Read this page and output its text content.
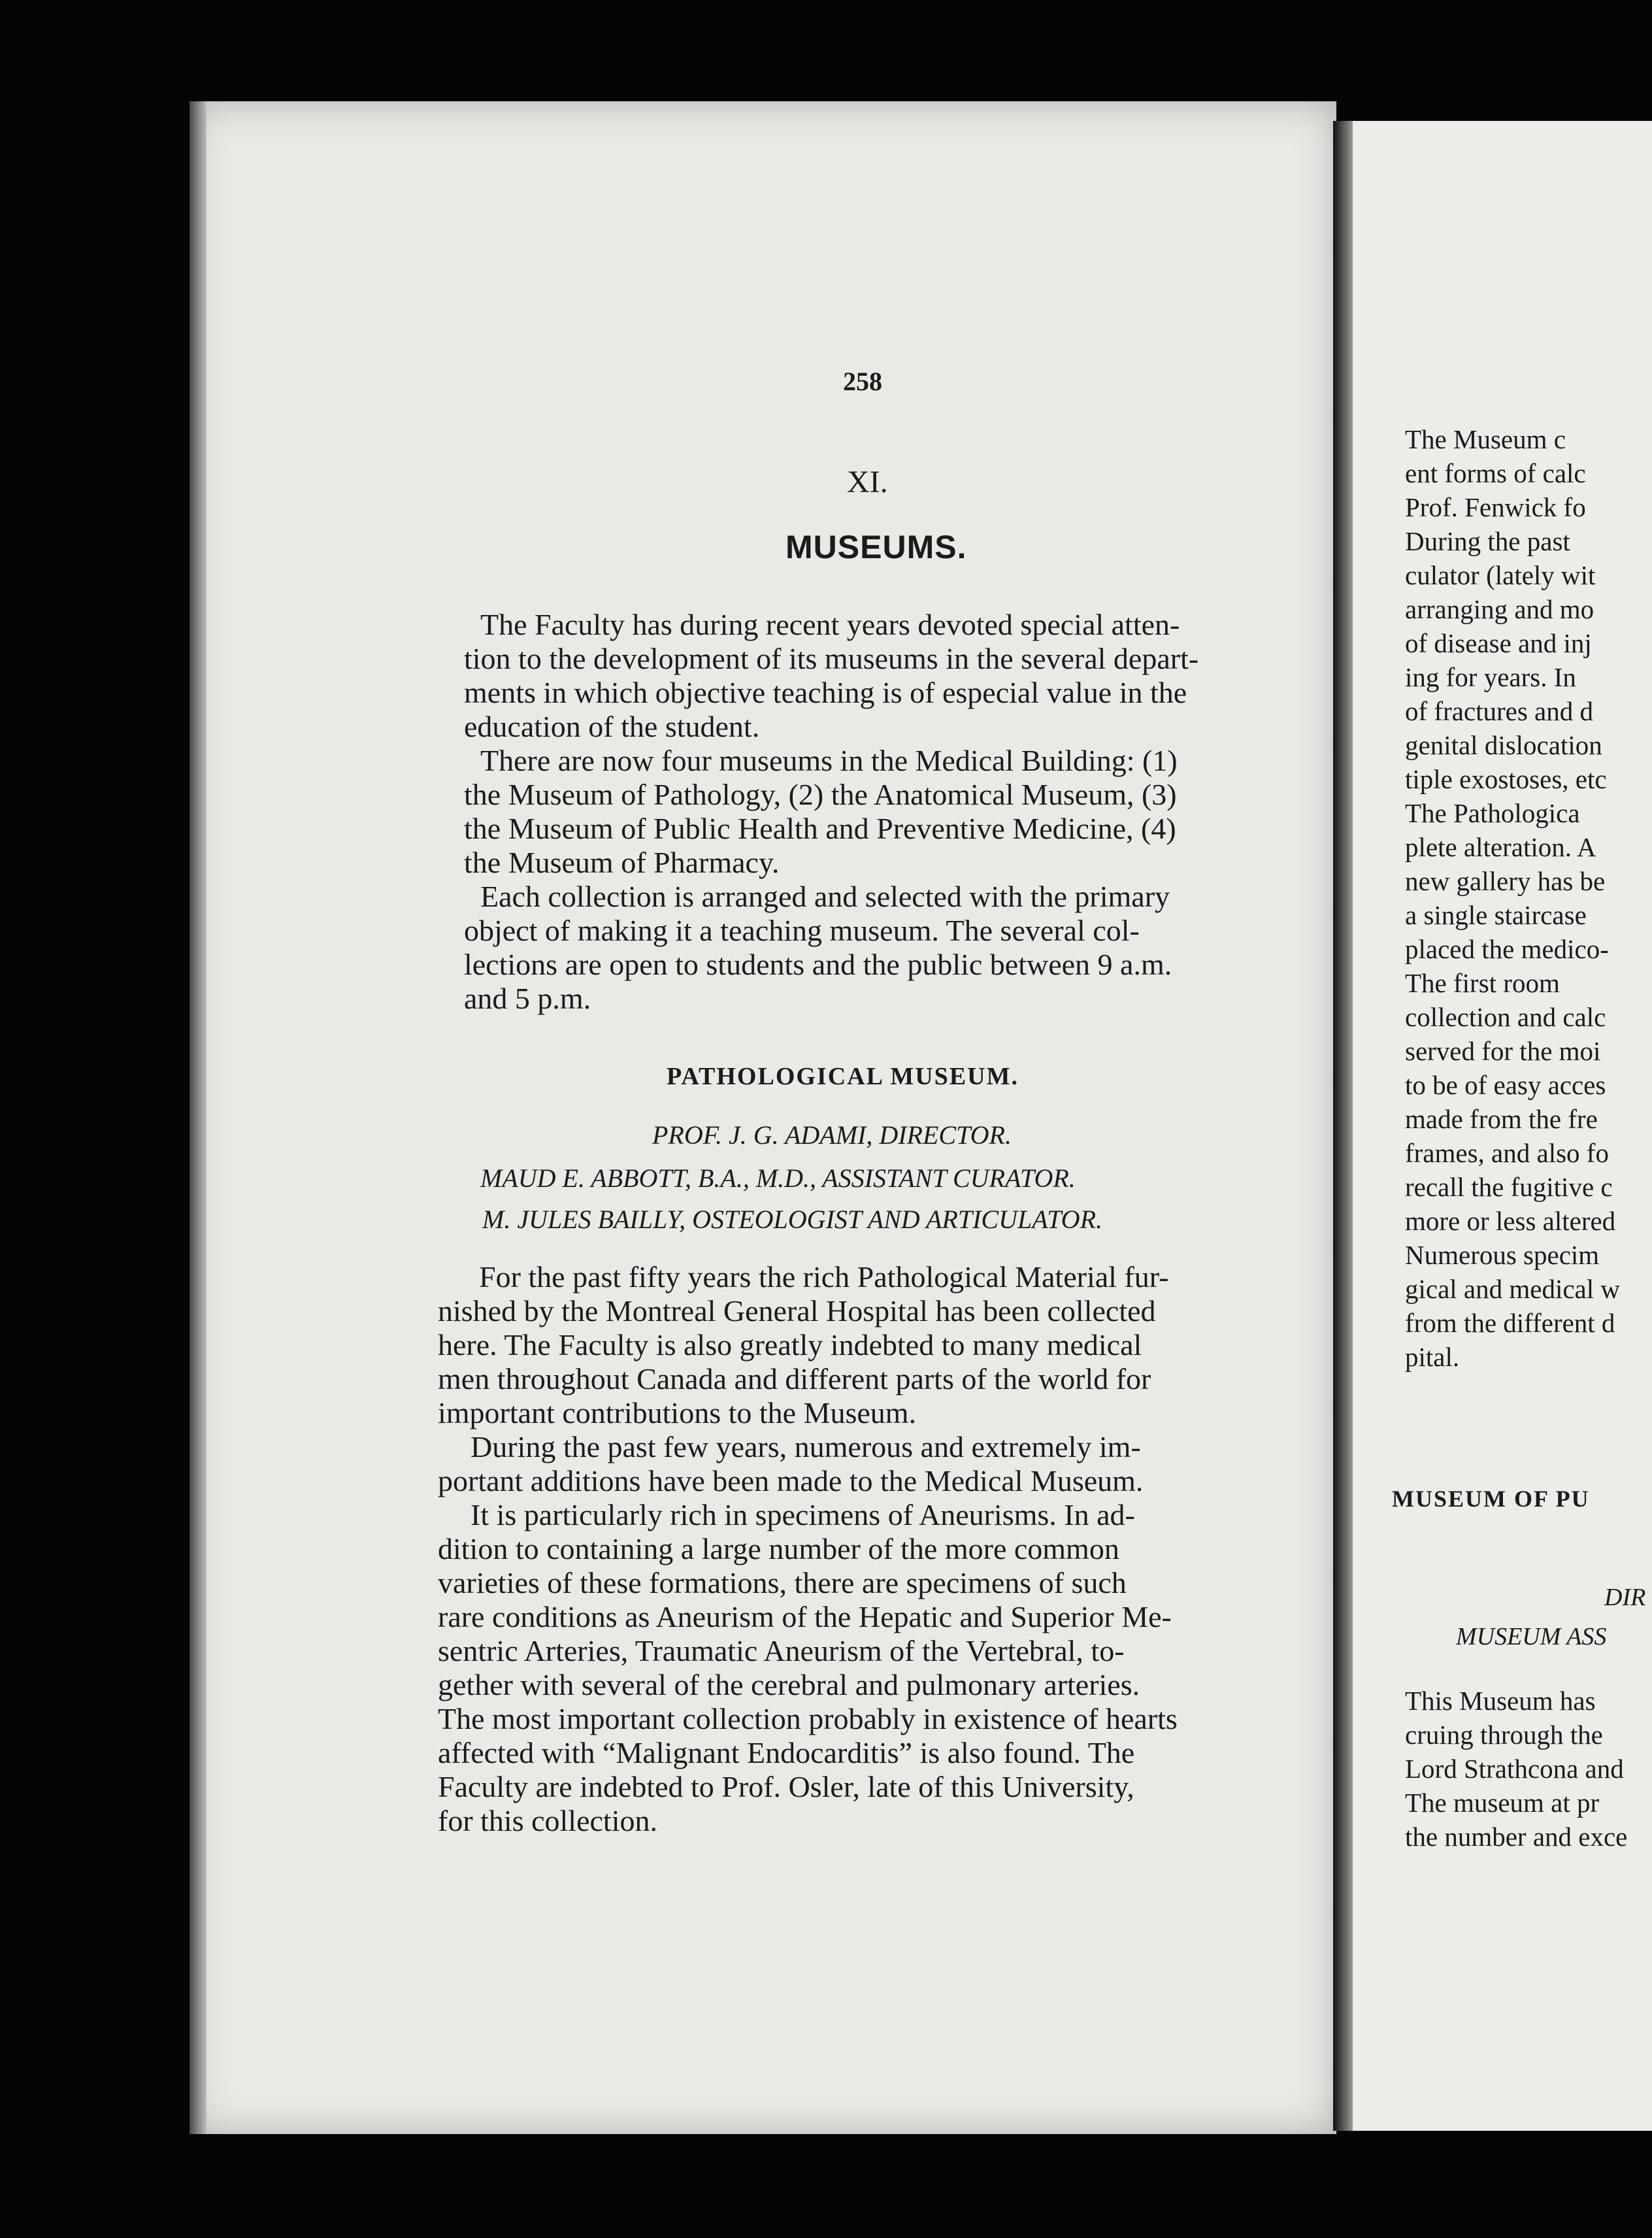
258
XI.
MUSEUMS.
The Faculty has during recent years devoted special atten-
tion to the development of its museums in the several depart-
ments in which objective teaching is of especial value in the
education of the student.
There are now four museums in the Medical Building: (1)
the Museum of Pathology, (2) the Anatomical Museum, (3)
the Museum of Public Health and Preventive Medicine, (4)
the Museum of Pharmacy.
Each collection is arranged and selected with the primary
object of making it a teaching museum. The several col-
lections are open to students and the public between 9 a.m.
and 5 p.m.
PATHOLOGICAL MUSEUM.
PROF. J. G. ADAMI, DIRECTOR.
MAUD E. ABBOTT, B.A., M.D., ASSISTANT CURATOR.
M. JULES BAILLY, OSTEOLOGIST AND ARTICULATOR.
For the past fifty years the rich Pathological Material fur-
nished by the Montreal General Hospital has been collected
here. The Faculty is also greatly indebted to many medical
men throughout Canada and different parts of the world for
important contributions to the Museum.
During the past few years, numerous and extremely im-
portant additions have been made to the Medical Museum.
It is particularly rich in specimens of Aneurisms. In ad-
dition to containing a large number of the more common
varieties of these formations, there are specimens of such
rare conditions as Aneurism of the Hepatic and Superior Me-
sentric Arteries, Traumatic Aneurism of the Vertebral, to-
gether with several of the cerebral and pulmonary arteries.
The most important collection probably in existence of hearts
affected with “Malignant Endocarditis” is also found. The
Faculty are indebted to Prof. Osler, late of this University,
for this collection.
The Museum c
ent forms of calc
Prof. Fenwick fo
During the past
culator (lately wit
arranging and mo
of disease and inj
ing for years. In
of fractures and d
genital dislocation
tiple exostoses, etc
The Pathologica
plete alteration. A
new gallery has be
a single staircase
placed the medico-
The first room
collection and calc
served for the moi
to be of easy acces
made from the fre
frames, and also fo
recall the fugitive c
more or less altered
Numerous specim
gical and medical w
from the different d
pital.
MUSEUM OF PU
DIR
MUSEUM ASS
This Museum has
cruing through the
Lord Strathcona and
The museum at pr
the number and exce
